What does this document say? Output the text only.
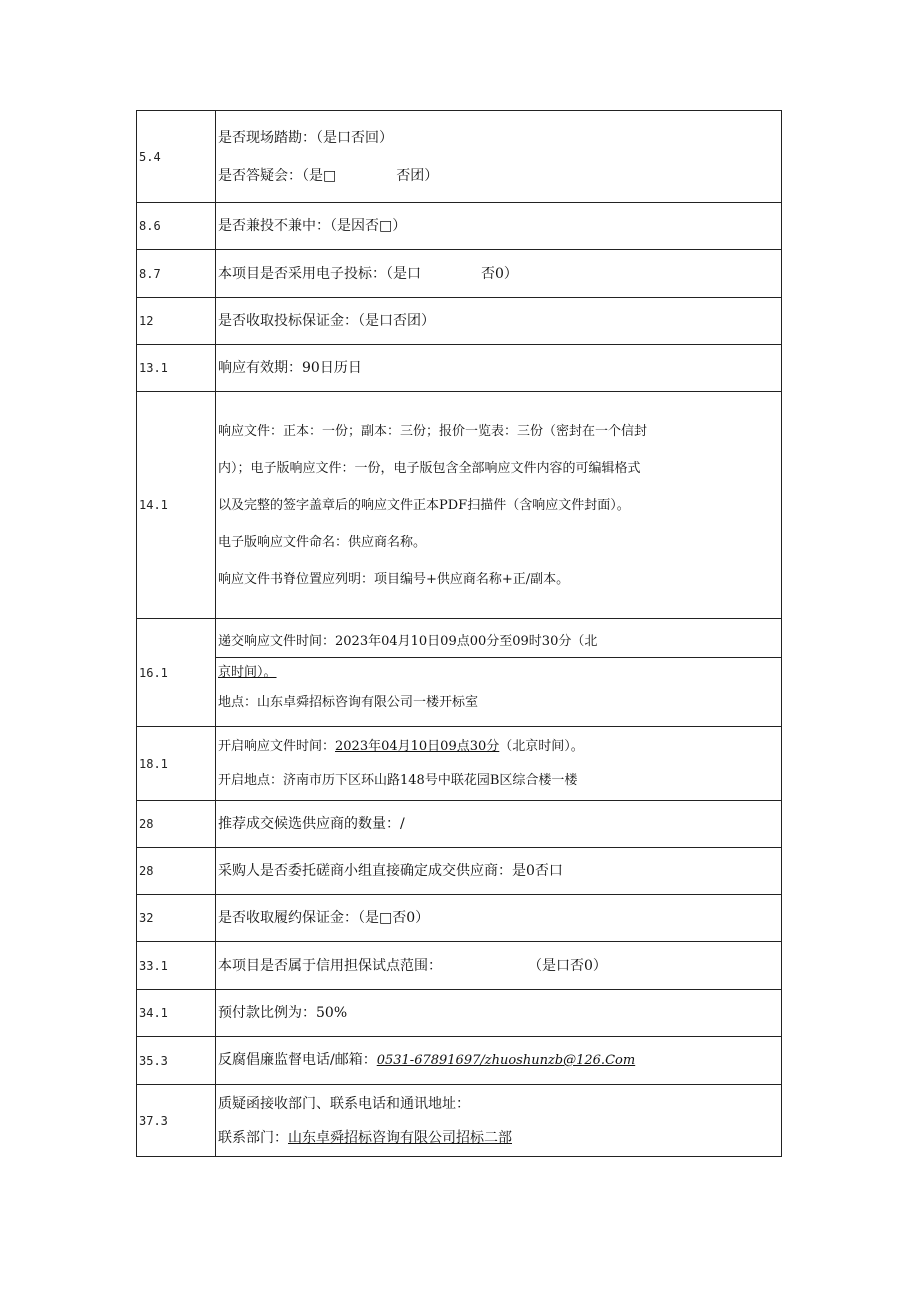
5.4	是否现场踏勘：（是口否回）
是否答疑会：（是□ 否团）

8.6	是否兼投不兼中：（是因否□）

8.7	本项目是否采用电子投标：（是口 否0）

12	是否收取投标保证金：（是口否团）

13.1	响应有效期：90日历日

14.1	响应文件：正本：一份；副本：三份；报价一览表：三份（密封在一个信封
内）；电子版响应文件：一份，电子版包含全部响应文件内容的可编辑格式
以及完整的签字盖章后的响应文件正本PDF扫描件（含响应文件封面）。
电子版响应文件命名：供应商名称。
响应文件书脊位置应列明：项目编号+供应商名称+正/副本。

16.1	递交响应文件时间：2023年04月10日09点00分至09时30分（北
京时间）。
地点：山东卓舜招标咨询有限公司一楼开标室

18.1	开启响应文件时间：2023年04月10日09点30分（北京时间）。
开启地点：济南市历下区环山路148号中联花园B区综合楼一楼

28	推荐成交候选供应商的数量：/

28	采购人是否委托磋商小组直接确定成交供应商：是0否口

32	是否收取履约保证金：（是□否0）

33.1	本项目是否属于信用担保试点范围： （是口否0）

34.1	预付款比例为：50%

35.3	反腐倡廉监督电话/邮箱：0531-67891697/zhuoshunzb@126.Com

37.3	质疑函接收部门、联系电话和通讯地址：
联系部门：山东卓舜招标咨询有限公司招标二部
